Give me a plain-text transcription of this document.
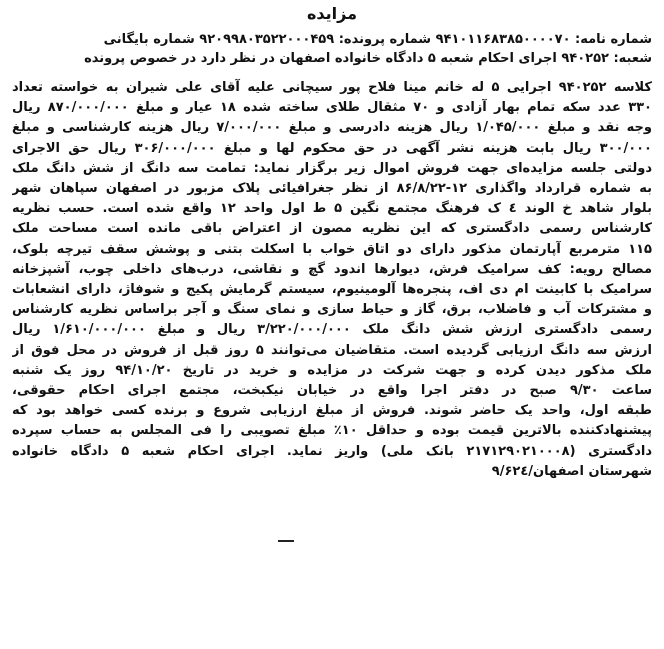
مزایده
شماره نامه: ۹۴۱۰۱۱۶۸۳۸۵۰۰۰۰۷۰ شماره پرونده: ۹۲۰۹۹۸۰۳۵۲۲۰۰۰۴۵۹ شماره بایگانی
شعبه: ۹۴۰۲۵۲ اجرای احکام شعبه ۵ دادگاه خانواده اصفهان در نظر دارد در خصوص پرونده
کلاسه ۹۴۰۲۵۲ اجرایی ۵ له خانم مینا فلاح پور سیچانی علیه آقای علی شیران به خواسته تعداد
۳۳۰ عدد سکه تمام بهار آزادی و ۷۰ مثقال طلای ساخته شده ۱۸ عیار و مبلغ ۸۷۰/۰۰۰/۰۰۰ ریال
وجه نقد و مبلغ ۱/۰۴۵/۰۰۰ ریال هزینه دادرسی و مبلغ ۷/۰۰۰/۰۰۰ ریال هزینه کارشناسی و مبلغ
۳۰۰/۰۰۰ ریال بابت هزینه نشر آگهی در حق محکوم لها و مبلغ ۳۰۶/۰۰۰/۰۰۰ ریال حق الاجرای
دولتی جلسه مزایده‌ای جهت فروش اموال زیر برگزار نماید: تمامت سه دانگ از شش دانگ ملک
به شماره قرارداد واگذاری ۱۲-۸۶/۸/۲۲ از نظر جغرافیائی پلاک مزبور در اصفهان سپاهان شهر
بلوار شاهد خ الوند ٤ ک فرهنگ مجتمع نگین ۵ ط اول واحد ۱۲ واقع شده است. حسب نظریه
کارشناس رسمی دادگستری که این نظریه مصون از اعتراض باقی مانده است مساحت ملک
۱۱۵ مترمربع آپارتمان مذکور دارای دو اتاق خواب با اسکلت بتنی و پوشش سقف تیرچه بلوک،
مصالح رویه: کف سرامیک فرش، دیوارها اندود گچ و نقاشی، درب‌های داخلی چوب، آشپزخانه
سرامیک با کابینت ام دی اف، پنجره‌ها آلومینیوم، سیستم گرمایش پکیج و شوفاژ، دارای انشعابات
و مشترکات آب و فاضلاب، برق، گاز و حیاط سازی و نمای سنگ و آجر براساس نظریه کارشناس
رسمی دادگستری ارزش شش دانگ ملک ۳/۲۲۰/۰۰۰/۰۰۰ ریال و مبلغ ۱/۶۱۰/۰۰۰/۰۰۰ ریال
ارزش سه دانگ ارزیابی گردیده است. متقاضیان می‌توانند ۵ روز قبل از فروش در محل فوق از
ملک مذکور دیدن کرده و جهت شرکت در مزایده و خرید در تاریخ ۹۴/۱۰/۲۰ روز یک شنبه
ساعت ۹/۳۰ صبح در دفتر اجرا واقع در خیابان نیکبخت، مجتمع اجرای احکام حقوقی،
طبقه اول، واحد یک حاضر شوند. فروش از مبلغ ارزیابی شروع و برنده کسی خواهد بود که
پیشنهادکننده بالاترین قیمت بوده و حداقل ۱۰٪ مبلغ تصویبی را فی المجلس به حساب سپرده
دادگستری (۲۱۷۱۲۹۰۲۱۰۰۰۸ بانک ملی) واریز نماید. اجرای احکام شعبه ۵ دادگاه خانواده
شهرستان اصفهان/۹/۶۲٤
